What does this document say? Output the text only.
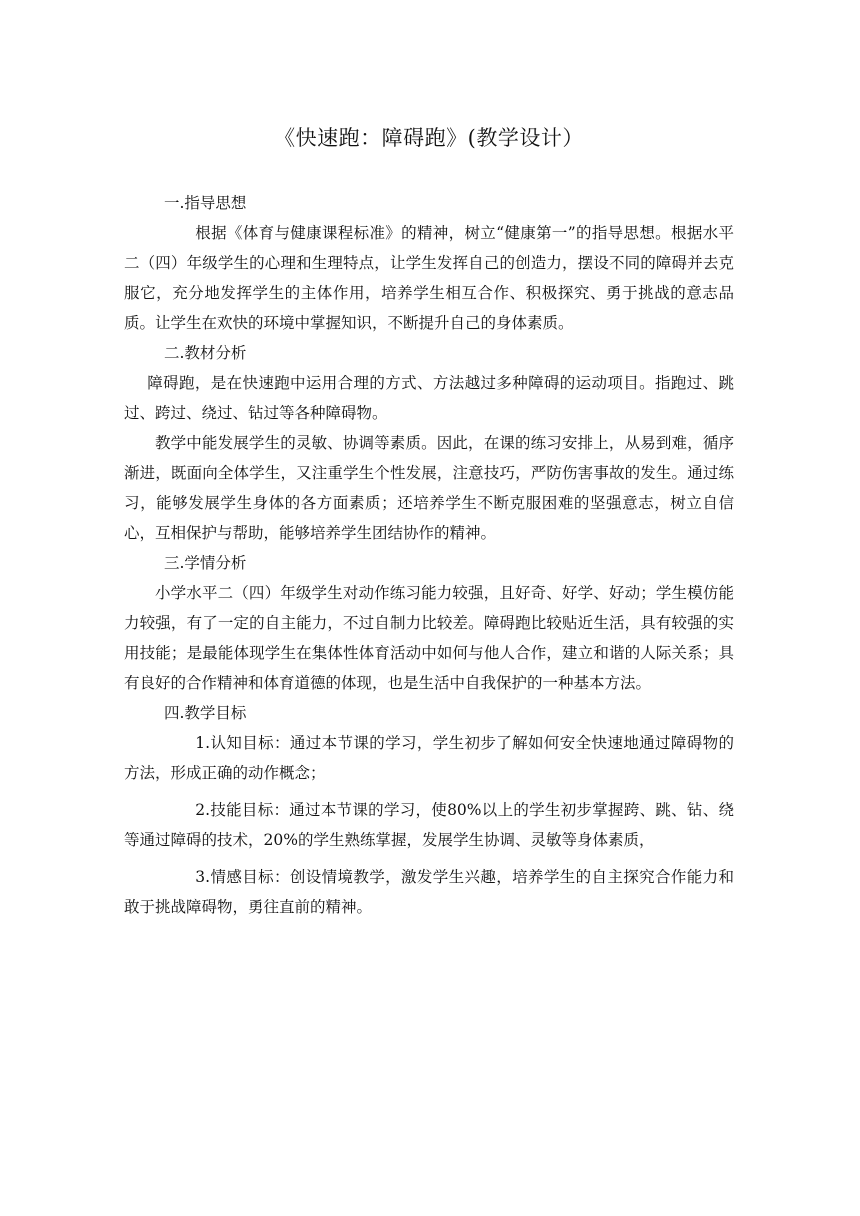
《快速跑：障碍跑》(教学设计）

一.指导思想

根据《体育与健康课程标准》的精神，树立“健康第一”的指导思想。根据水平二（四）年级学生的心理和生理特点，让学生发挥自己的创造力，摆设不同的障碍并去克服它，充分地发挥学生的主体作用，培养学生相互合作、积极探究、勇于挑战的意志品质。让学生在欢快的环境中掌握知识，不断提升自己的身体素质。

二.教材分析

障碍跑，是在快速跑中运用合理的方式、方法越过多种障碍的运动项目。指跑过、跳过、跨过、绕过、钻过等各种障碍物。

教学中能发展学生的灵敏、协调等素质。因此，在课的练习安排上，从易到难，循序渐进，既面向全体学生，又注重学生个性发展，注意技巧，严防伤害事故的发生。通过练习，能够发展学生身体的各方面素质；还培养学生不断克服困难的坚强意志，树立自信心，互相保护与帮助，能够培养学生团结协作的精神。

三.学情分析

小学水平二（四）年级学生对动作练习能力较强，且好奇、好学、好动；学生模仿能力较强，有了一定的自主能力，不过自制力比较差。障碍跑比较贴近生活，具有较强的实用技能；是最能体现学生在集体性体育活动中如何与他人合作，建立和谐的人际关系；具有良好的合作精神和体育道德的体现，也是生活中自我保护的一种基本方法。

四.教学目标

1.认知目标：通过本节课的学习，学生初步了解如何安全快速地通过障碍物的方法，形成正确的动作概念；

2.技能目标：通过本节课的学习，使80%以上的学生初步掌握跨、跳、钻、绕等通过障碍的技术，20%的学生熟练掌握，发展学生协调、灵敏等身体素质，

3.情感目标：创设情境教学，激发学生兴趣，培养学生的自主探究合作能力和敢于挑战障碍物，勇往直前的精神。
